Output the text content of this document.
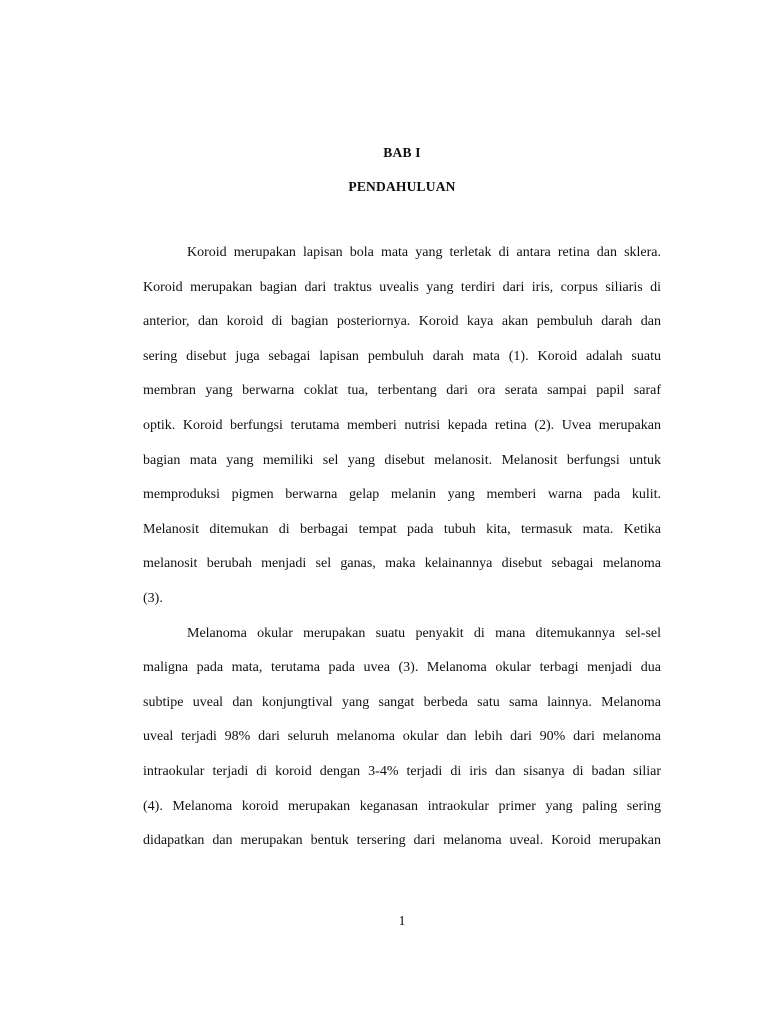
BAB I
PENDAHULUAN
Koroid merupakan lapisan bola mata yang terletak di antara retina dan sklera.
Koroid merupakan bagian dari traktus uvealis yang terdiri dari iris, corpus siliaris di
anterior, dan koroid di bagian posteriornya. Koroid kaya akan pembuluh darah dan
sering disebut juga sebagai lapisan pembuluh darah mata (1). Koroid adalah suatu
membran yang berwarna coklat tua, terbentang dari ora serata sampai papil saraf
optik. Koroid berfungsi terutama memberi nutrisi kepada retina (2). Uvea merupakan
bagian mata yang memiliki sel yang disebut melanosit. Melanosit berfungsi untuk
memproduksi pigmen berwarna gelap melanin yang memberi warna pada kulit.
Melanosit ditemukan di berbagai tempat pada tubuh kita, termasuk mata. Ketika
melanosit berubah menjadi sel ganas, maka kelainannya disebut sebagai melanoma
(3).
Melanoma okular merupakan suatu penyakit di mana ditemukannya sel-sel
maligna pada mata, terutama pada uvea (3). Melanoma okular terbagi menjadi dua
subtipe uveal dan konjungtival yang sangat berbeda satu sama lainnya. Melanoma
uveal terjadi 98% dari seluruh melanoma okular dan lebih dari 90% dari melanoma
intraokular terjadi di koroid dengan 3-4% terjadi di iris dan sisanya di badan siliar
(4). Melanoma koroid merupakan keganasan intraokular primer yang paling sering
didapatkan dan merupakan bentuk tersering dari melanoma uveal. Koroid merupakan
1
